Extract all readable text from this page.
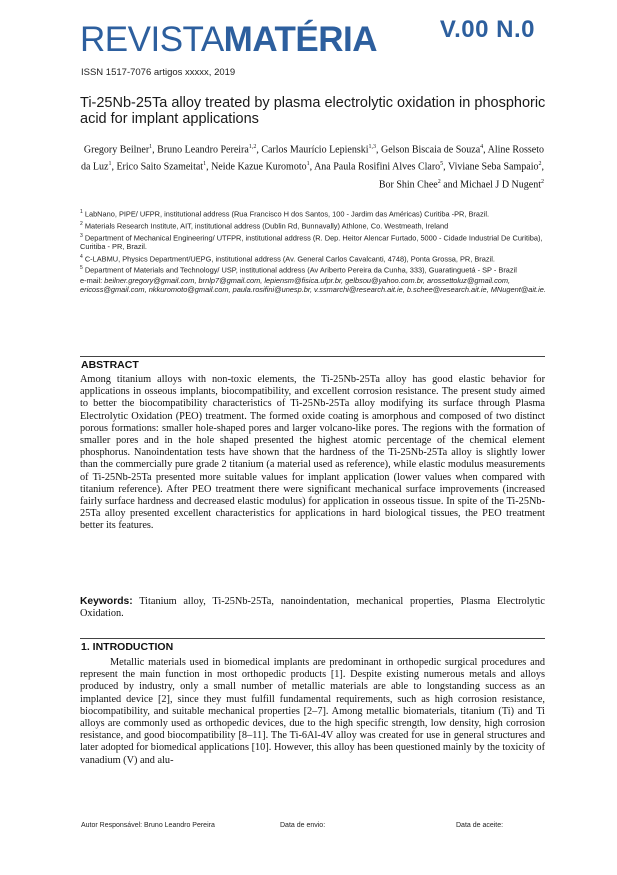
REVISTAMATÉRIA	V.00 N.0
ISSN 1517-7076 artigos xxxxx, 2019
Ti-25Nb-25Ta alloy treated by plasma electrolytic oxidation in phosphoric acid for implant applications
Gregory Beilner$^1$, Bruno Leandro Pereira$^{1,2}$, Carlos Maurício Lepienski$^{1,3}$, Gelson Biscaia de Souza$^4$, Aline Rosseto da Luz$^1$, Erico Saito Szameitat$^1$, Neide Kazue Kuromoto$^1$, Ana Paula Rosifini Alves Claro$^5$, Viviane Seba Sampaio$^2$, Bor Shin Chee$^2$ and Michael J D Nugent$^2$

$^1$ LabNano, PIPE/ UFPR, institutional address (Rua Francisco H dos Santos, 100 - Jardim das Américas) Curitiba -PR, Brazil.

$^2$ Materials Research Institute, AIT, institutional address (Dublin Rd, Bunnavally) Athlone, Co. Westmeath, Ireland

$^3$ Department of Mechanical Engineering/ UTFPR, institutional address (R. Dep. Heitor Alencar Furtado, 5000 - Cidade Industrial De Curitiba), Curitiba - PR, Brazil.

$^4$ C-LABMU, Physics Department/UEPG, institutional address (Av. General Carlos Cavalcanti, 4748), Ponta Grossa, PR, Brazil.

$^5$ Department of Materials and Technology/ USP, institutional address (Av Ariberto Pereira da Cunha, 333), Guaratinguetá - SP - Brazil

e-mail: beilner.gregory@gmail.com, brnlp7@gmail.com, lepiensm@fisica.ufpr.br, gelbsou@yahoo.com.br, arossettoluz@gmail.com, ericoss@gmail.com, nkkuromoto@gmail.com, paula.rosifini@unesp.br, v.ssmarchi@research.ait.ie, b.schee@research.ait.ie, MNugent@ait.ie.

ABSTRACT

Among titanium alloys with non-toxic elements, the Ti-25Nb-25Ta alloy has good elastic behavior for applications in osseous implants, biocompatibility, and excellent corrosion resistance. The present study aimed to better the biocompatibility characteristics of Ti-25Nb-25Ta alloy modifying its surface through Plasma Electrolytic Oxidation (PEO) treatment. The formed oxide coating is amorphous and composed of two distinct porous formations: smaller hole-shaped pores and larger volcano-like pores. The regions with the formation of smaller pores and in the hole shaped presented the highest atomic percentage of the chemical element phosphorus. Nanoindentation tests have shown that the hardness of the Ti-25Nb-25Ta alloy is slightly lower than the commercially pure grade 2 titanium (a material used as reference), while elastic modulus measurements of Ti-25Nb-25Ta presented more suitable values for implant application (lower values when compared with titanium reference). After PEO treatment there were significant mechanical surface improvements (increased fairly surface hardness and decreased elastic modulus) for application in osseous tissue. In spite of the Ti-25Nb-25Ta alloy presented excellent characteristics for applications in hard biological tissues, the PEO treatment better its features.

Keywords: Titanium alloy, Ti-25Nb-25Ta, nanoindentation, mechanical properties, Plasma Electrolytic Oxidation.
1. INTRODUCTION
Metallic materials used in biomedical implants are predominant in orthopedic surgical procedures and represent the main function in most orthopedic products [1]. Despite existing numerous metals and alloys produced by industry, only a small number of metallic materials are able to longstanding success as an implanted device [2], since they must fulfill fundamental requirements, such as high corrosion resistance, biocompatibility, and suitable mechanical properties [2–7]. Among metallic biomaterials, titanium (Ti) and Ti alloys are commonly used as orthopedic devices, due to the high specific strength, low density, high corrosion resistance, and good biocompatibility [8–11]. The Ti-6Al-4V alloy was created for use in general structures and later adopted for biomedical applications [10]. However, this alloy has been questioned mainly by the toxicity of vanadium (V) and alu-
Autor Responsável: Bruno Leandro Pereira	Data de envio:	Data de aceite:
